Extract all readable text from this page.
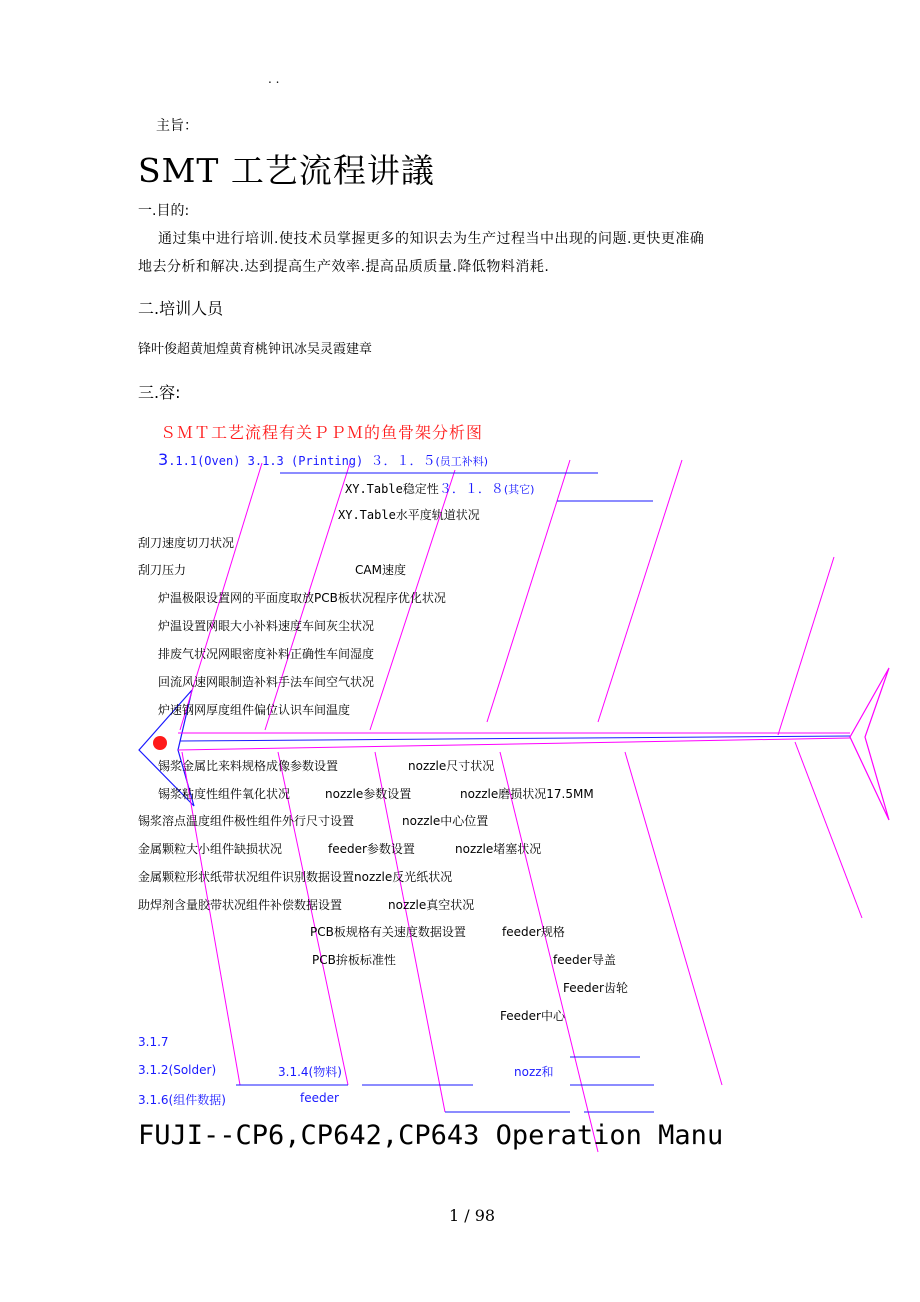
. .
主旨：
SMT 工艺流程讲議
一.目的:
通过集中进行培训.使技术员掌握更多的知识去为生产过程当中出现的问题.更快更准确
地去分析和解决.达到提高生产效率.提高品质质量.降低物料消耗.
二.培训人员
锋叶俊超黄旭煌黄育桃钟讯冰吴灵霞建章
三.容:
ＳＭＴ工艺流程有关ＰＰＭ的鱼骨架分析图
3.1.1(Oven) 3.1.3 (Printing) ３．１．５(员工补料)
XY.Table稳定性３．１．８(其它)
XY.Table水平度轨道状况
刮刀速度切刀状况
刮刀压力	CAM速度
炉温极限设置网的平面度取放PCB板状况程序优化状况
炉温设置网眼大小补料速度车间灰尘状况
排废气状况网眼密度补料正确性车间湿度
回流风速网眼制造补料手法车间空气状况
炉速钢网厚度组件偏位认识车间温度
锡浆金属比来料规格成像参数设置	nozzle尺寸状况
锡浆粘度性组件氧化状况	nozzle参数设置	nozzle磨损状况17.5MM
锡浆溶点温度组件极性组件外行尺寸设置	nozzle中心位置
金属颗粒大小组件缺损状况	feeder参数设置	nozzle堵塞状况
金属颗粒形状纸带状况组件识别数据设置nozzle反光纸状况
助焊剂含量胶带状况组件补偿数据设置	nozzle真空状况
PCB板规格有关速度数据设置	feeder规格
PCB拚板标准性	feeder导盖
Feeder齿轮
Feeder中心
3.1.7
3.1.2(Solder)	3.1.4(物料)	nozz和
3.1.6(组件数据)	feeder
FUJI--CP6,CP642,CP643 Operation Manu
1 / 98
